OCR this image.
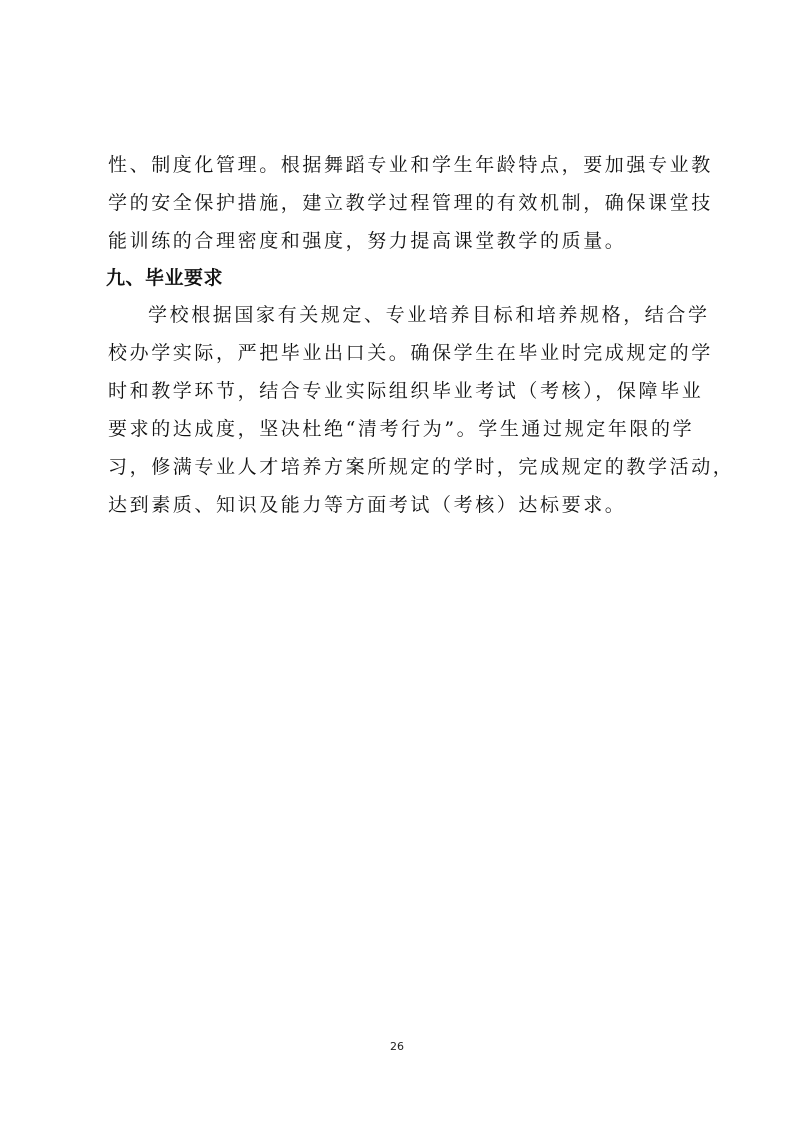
性、制度化管理。根据舞蹈专业和学生年龄特点，要加强专业教
学的安全保护措施，建立教学过程管理的有效机制，确保课堂技
能训练的合理密度和强度，努力提高课堂教学的质量。
九、毕业要求
学校根据国家有关规定、专业培养目标和培养规格，结合学
校办学实际，严把毕业出口关。确保学生在毕业时完成规定的学
时和教学环节，结合专业实际组织毕业考试（考核），保障毕业
要求的达成度，坚决杜绝“清考行为”。学生通过规定年限的学
习，修满专业人才培养方案所规定的学时，完成规定的教学活动，
达到素质、知识及能力等方面考试（考核）达标要求。
26
